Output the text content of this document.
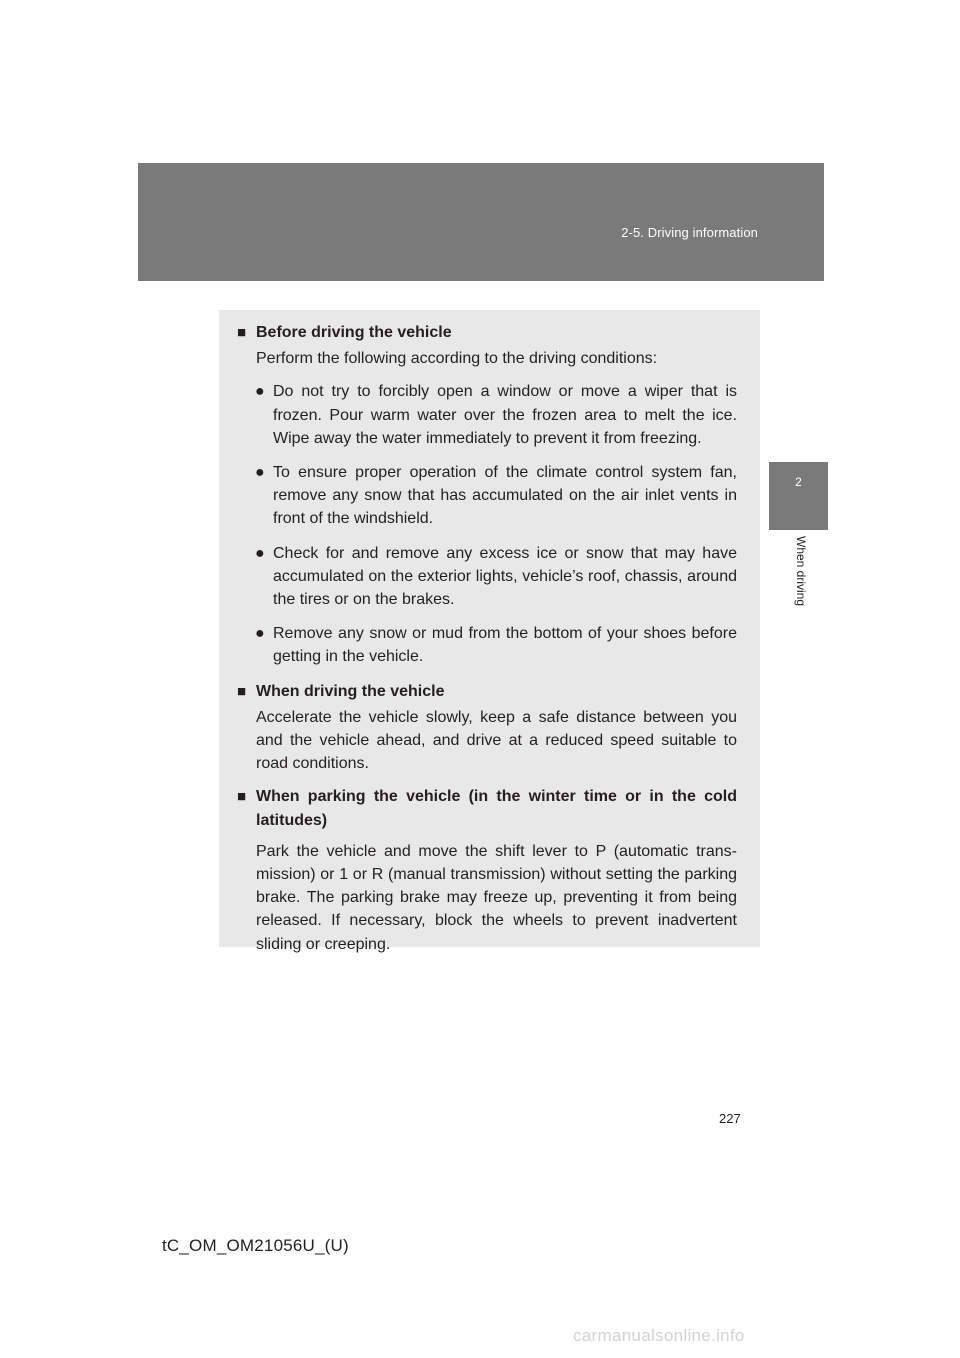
2-5. Driving information
2
When driving
■ Before driving the vehicle
Perform the following according to the driving conditions:
● Do not try to forcibly open a window or move a wiper that is frozen. Pour warm water over the frozen area to melt the ice. Wipe away the water immediately to prevent it from freezing.
● To ensure proper operation of the climate control system fan, remove any snow that has accumulated on the air inlet vents in front of the windshield.
● Check for and remove any excess ice or snow that may have accumulated on the exterior lights, vehicle’s roof, chassis, around the tires or on the brakes.
● Remove any snow or mud from the bottom of your shoes before getting in the vehicle.
■ When driving the vehicle
Accelerate the vehicle slowly, keep a safe distance between you and the vehicle ahead, and drive at a reduced speed suitable to road conditions.
■ When parking the vehicle (in the winter time or in the cold latitudes)
Park the vehicle and move the shift lever to P (automatic trans-mission) or 1 or R (manual transmission) without setting the parking brake. The parking brake may freeze up, preventing it from being released. If necessary, block the wheels to prevent inadvertent sliding or creeping.
227
tC_OM_OM21056U_(U)
carmanualsonline.info
